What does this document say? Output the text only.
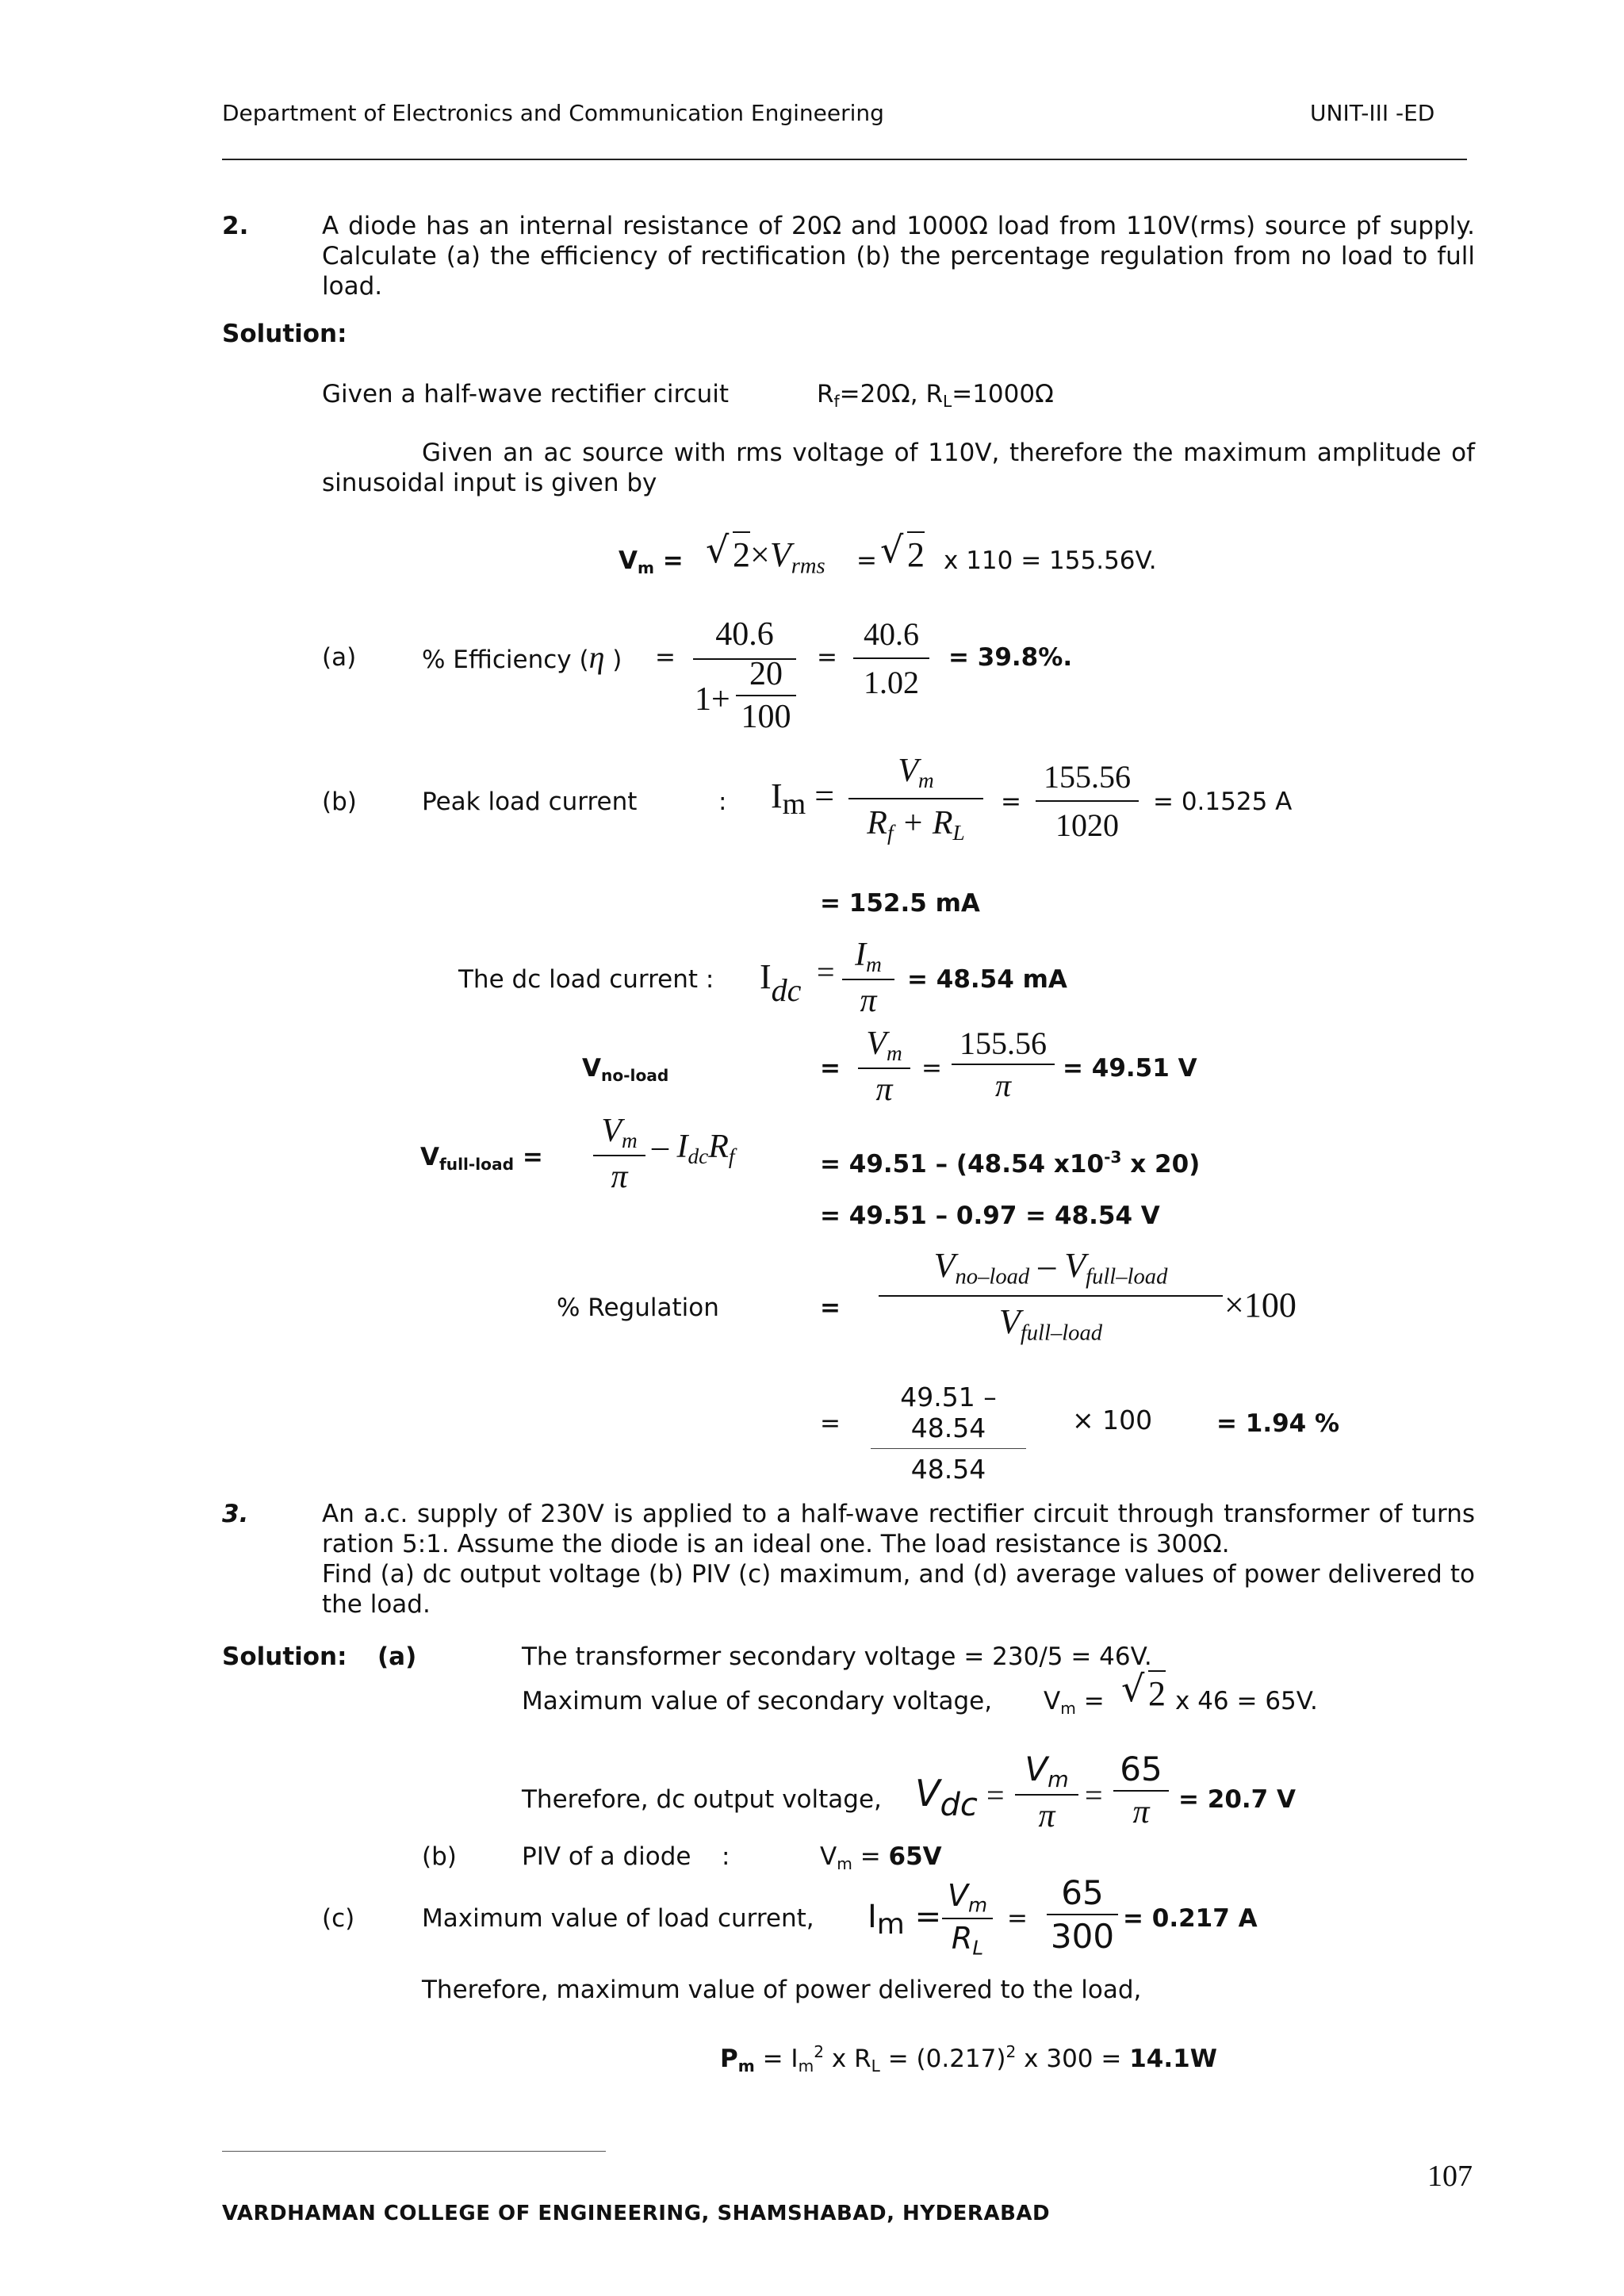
Department of Electronics and Communication Engineering	UNIT-III -ED
2.	A diode has an internal resistance of 20Ω and 1000Ω load from 110V(rms) source pf supply. Calculate (a) the efficiency of rectification (b) the percentage regulation from no load to full load.
Solution:
Given a half-wave rectifier circuit	$R_f=20\Omega$, $R_L=1000\Omega$
Given an ac source with rms voltage of 110V, therefore the maximum amplitude of sinusoidal input is given by
$V_m$ = √ $2\times V_{rms}$ = √ 2 x 110 = 155.56V.
(a)	% Efficiency (η ) =
40.6
1+
20
100
=
40.6
1.02
= 39.8%.
(b)	Peak load current	: Im =
$V_m$
$R_f + R_L$
=
155.56
1020
= 0.1525 A
= 152.5 mA
The dc load current : Idc
= $I_m$
π
= 48.54 mA
$V_{no-load}$	=
$V_m$
π
=
155.56
π	= 49.51 V
$V_{full-load}$ =
$V_m$
π
– $I_{dc}R_f$	= 49.51 – (48.54 $x10^{-3}$ x 20)
= 49.51 – 0.97 = 48.54 V
% Regulation	=
$V_{no-load} - V_{full-load}$
$V_{full-load}$
×100
=
49.51 – 48.54
48.54
× 100	= 1.94 %
3.	An a.c. supply of 230V is applied to a half-wave rectifier circuit through transformer of turns ration 5:1. Assume the diode is an ideal one. The load resistance is 300Ω.
Find (a) dc output voltage (b) PIV (c) maximum, and (d) average values of power delivered to the load.
Solution: (a)	The transformer secondary voltage = 230/5 = 46V.
Maximum value of secondary voltage, $V_m$ = √ 2 x 46 = 65V.
Therefore, dc output voltage, Vdc =
$V_m$
π
=
65
π	= 20.7 V
(b)	PIV of a diode :	$V_m = 65V$
(c)	Maximum value of load current, Im =
$V_m$
$R_L$
=
65
300 = 0.217 A
Therefore, maximum value of power delivered to the load,
$P_m = I_m^2$ x $R_L = (0.217)^2$ x 300 = 14.1W
107
VARDHAMAN COLLEGE OF ENGINEERING, SHAMSHABAD, HYDERABAD
